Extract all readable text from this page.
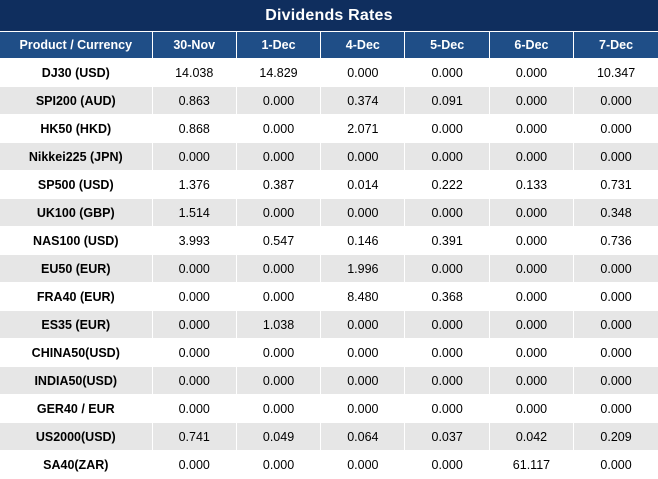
Dividends Rates
Product / Currency	30-Nov	1-Dec	4-Dec	5-Dec	6-Dec	7-Dec
DJ30 (USD)	14.038	14.829	0.000	0.000	0.000	10.347
SPI200 (AUD)	0.863	0.000	0.374	0.091	0.000	0.000
HK50 (HKD)	0.868	0.000	2.071	0.000	0.000	0.000
Nikkei225 (JPN)	0.000	0.000	0.000	0.000	0.000	0.000
SP500 (USD)	1.376	0.387	0.014	0.222	0.133	0.731
UK100 (GBP)	1.514	0.000	0.000	0.000	0.000	0.348
NAS100 (USD)	3.993	0.547	0.146	0.391	0.000	0.736
EU50 (EUR)	0.000	0.000	1.996	0.000	0.000	0.000
FRA40 (EUR)	0.000	0.000	8.480	0.368	0.000	0.000
ES35 (EUR)	0.000	1.038	0.000	0.000	0.000	0.000
CHINA50(USD)	0.000	0.000	0.000	0.000	0.000	0.000
INDIA50(USD)	0.000	0.000	0.000	0.000	0.000	0.000
GER40 / EUR	0.000	0.000	0.000	0.000	0.000	0.000
US2000(USD)	0.741	0.049	0.064	0.037	0.042	0.209
SA40(ZAR)	0.000	0.000	0.000	0.000	61.117	0.000
